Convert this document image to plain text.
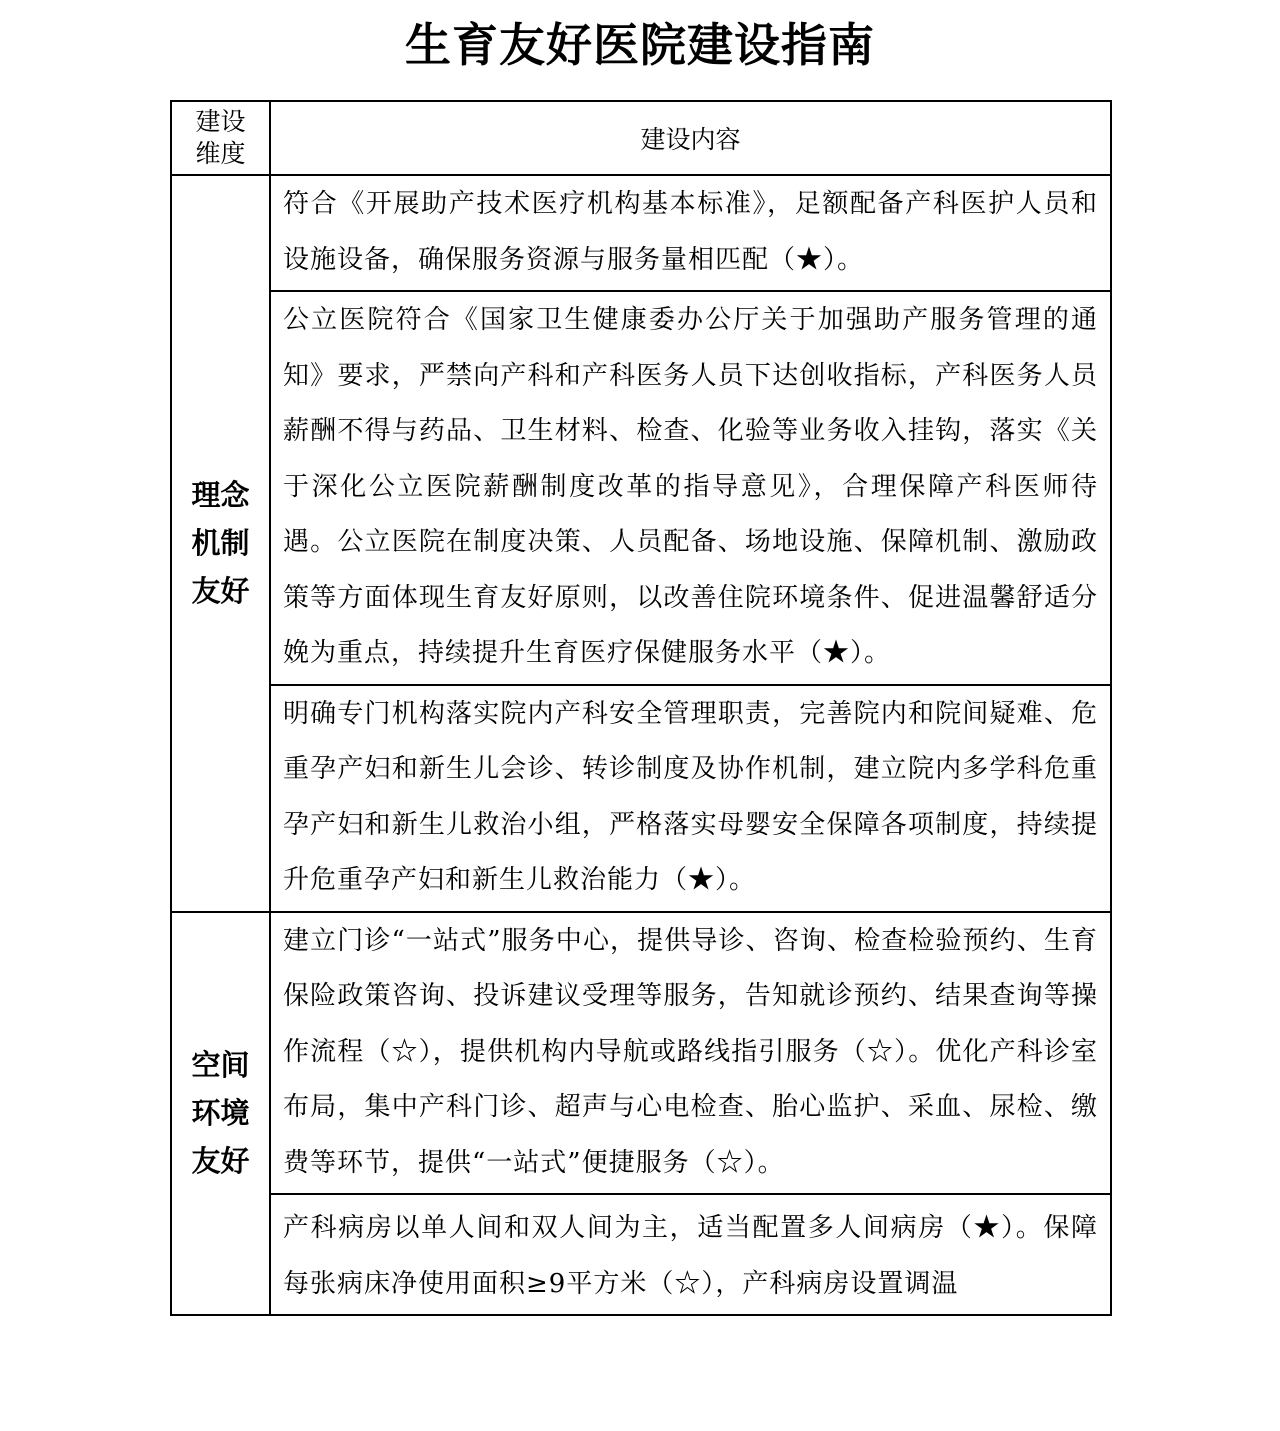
生育友好医院建设指南
建设
维度	建设内容

理念
机制
友好	符合《开展助产技术医疗机构基本标准》，足额配备产科医护人员和设施设备，确保服务资源与服务量相匹配（★）。

	公立医院符合《国家卫生健康委办公厅关于加强助产服务管理的通知》要求，严禁向产科和产科医务人员下达创收指标，产科医务人员薪酬不得与药品、卫生材料、检查、化验等业务收入挂钩，落实《关于深化公立医院薪酬制度改革的指导意见》，合理保障产科医师待遇。公立医院在制度决策、人员配备、场地设施、保障机制、激励政策等方面体现生育友好原则，以改善住院环境条件、促进温馨舒适分娩为重点，持续提升生育医疗保健服务水平（★）。

	明确专门机构落实院内产科安全管理职责，完善院内和院间疑难、危重孕产妇和新生儿会诊、转诊制度及协作机制，建立院内多学科危重孕产妇和新生儿救治小组，严格落实母婴安全保障各项制度，持续提升危重孕产妇和新生儿救治能力（★）。

空间
环境
友好	建立门诊“一站式”服务中心，提供导诊、咨询、检查检验预约、生育保险政策咨询、投诉建议受理等服务，告知就诊预约、结果查询等操作流程（☆），提供机构内导航或路线指引服务（☆）。优化产科诊室布局，集中产科门诊、超声与心电检查、胎心监护、采血、尿检、缴费等环节，提供“一站式”便捷服务（☆）。

	产科病房以单人间和双人间为主，适当配置多人间病房（★）。保障每张病床净使用面积≥9平方米（☆），产科病房设置调温
